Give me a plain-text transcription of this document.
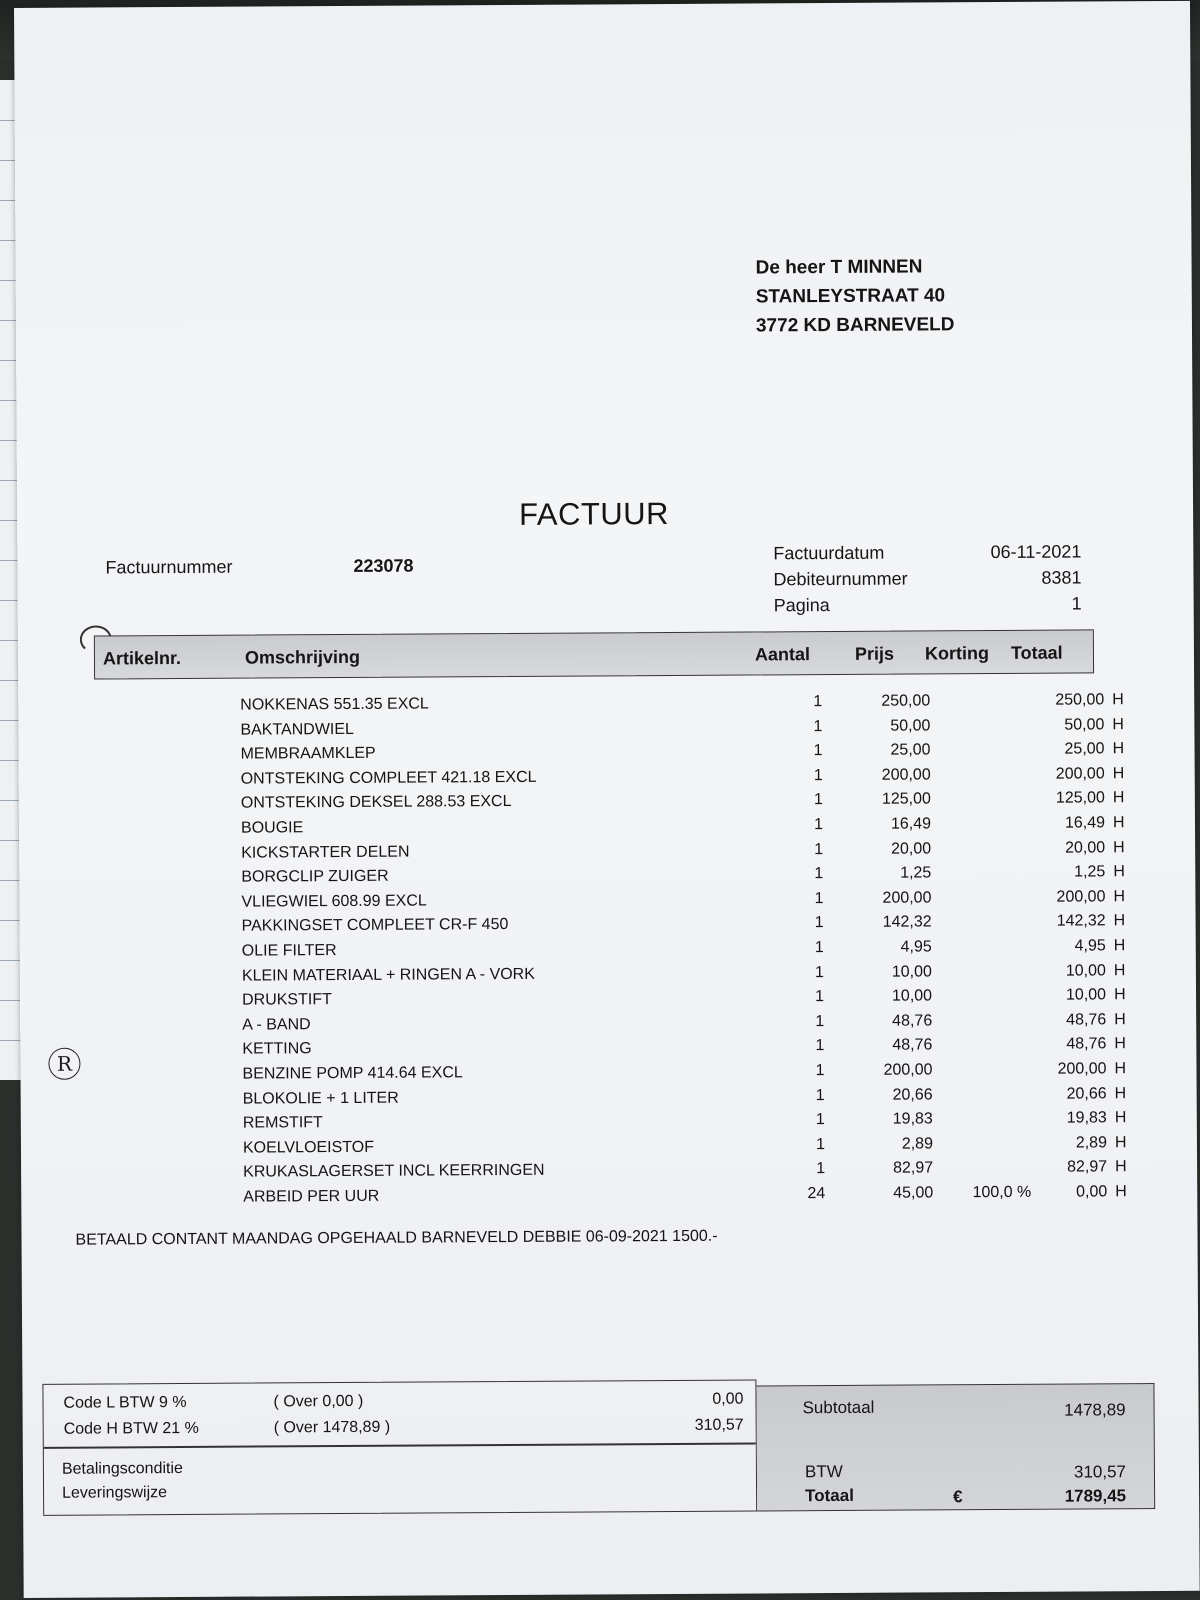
De heer T MINNEN
STANLEYSTRAAT 40
3772 KD BARNEVELD
FACTUUR
Factuurnummer	223078
Factuurdatum	06-11-2021
Debiteurnummer	8381
Pagina	1
Artikelnr.	Omschrijving	Aantal Prijs Korting Totaal
NOKKENAS 551.35 EXCL	1	250,00	250,00 H
BAKTANDWIEL	1	50,00	50,00 H
MEMBRAAMKLEP	1	25,00	25,00 H
ONTSTEKING COMPLEET 421.18 EXCL	1	200,00	200,00 H
ONTSTEKING DEKSEL 288.53 EXCL	1	125,00	125,00 H
BOUGIE	1	16,49	16,49 H
KICKSTARTER DELEN	1	20,00	20,00 H
BORGCLIP ZUIGER	1	1,25	1,25 H
VLIEGWIEL 608.99 EXCL	1	200,00	200,00 H
PAKKINGSET COMPLEET CR-F 450	1	142,32	142,32 H
OLIE FILTER	1	4,95	4,95 H
KLEIN MATERIAAL + RINGEN A - VORK	1	10,00	10,00 H
DRUKSTIFT	1	10,00	10,00 H
A - BAND	1	48,76	48,76 H
KETTING	1	48,76	48,76 H
BENZINE POMP 414.64 EXCL	1	200,00	200,00 H
BLOKOLIE + 1 LITER	1	20,66	20,66 H
REMSTIFT	1	19,83	19,83 H
KOELVLOEISTOF	1	2,89	2,89 H
KRUKASLAGERSET INCL KEERRINGEN	1	82,97	82,97 H
ARBEID PER UUR	24	45,00	100,0 %	0,00 H
R
BETAALD CONTANT MAANDAG OPGEHAALD BARNEVELD DEBBIE 06-09-2021 1500.-
Code L BTW 9 %	( Over 0,00 )	0,00
Code H BTW 21 %	( Over 1478,89 )	310,57
Betalingsconditie
Leveringswijze
Subtotaal	1478,89
BTW	310,57
Totaal	€	1789,45
